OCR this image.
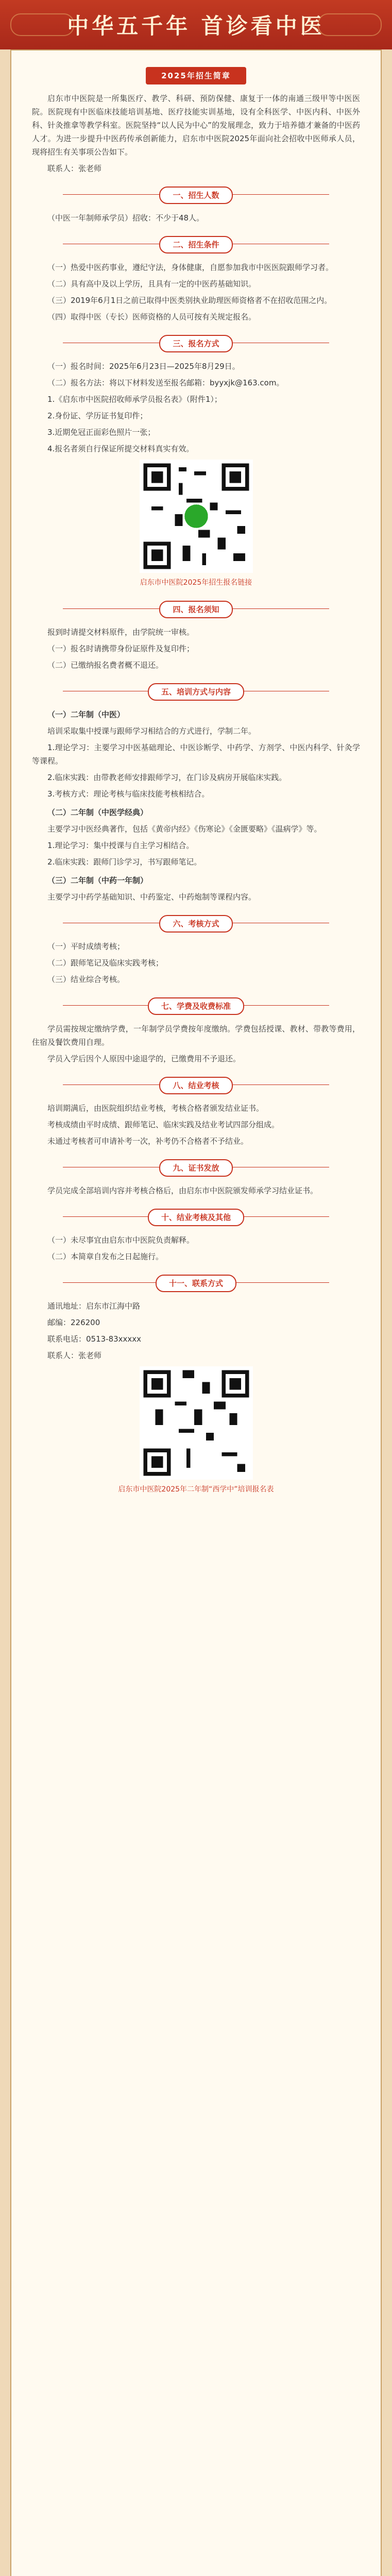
中华五千年 首诊看中医
2025年招生简章

启东市中医院是一所集医疗、教学、科研、预防保健、康复于一体的南通三级甲等中医医院。医院现有中医临床技能培训基地、医疗技能实训基地，设有全科医学、中医内科、中医外科、针灸推拿等教学科室。医院坚持“以人民为中心”的发展理念，致力于培养德才兼备的中医药人才。为进一步提升中医药传承创新能力，启东市中医院2025年面向社会招收中医师承人员，现将招生有关事项公告如下。

联系人：张老师

一、招生人数

（中医一年制师承学员）招收：不少于48人。

二、招生条件

（一）热爱中医药事业，遵纪守法，身体健康，自愿参加我市中医医院跟师学习者。

（二）具有高中及以上学历，且具有一定的中医药基础知识。

（三）2019年6月1日之前已取得中医类别执业助理医师资格者不在招收范围之内。

（四）取得中医（专长）医师资格的人员可按有关规定报名。

三、报名方式

（一）报名时间：2025年6月23日—2025年8月29日。

（二）报名方法：将以下材料发送至报名邮箱：byyxjk@163.com。

1.《启东市中医院招收师承学员报名表》（附件1）；

2.身份证、学历证书复印件；

3.近期免冠正面彩色照片一张；

4.报名者须自行保证所提交材料真实有效。

启东市中医院2025年招生报名链接

四、报名须知

报到时请提交材料原件，由学院统一审核。

（一）报名时请携带身份证原件及复印件；

（二）已缴纳报名费者概不退还。

五、培训方式与内容

（一）二年制（中医）

培训采取集中授课与跟师学习相结合的方式进行，学制二年。

1.理论学习：主要学习中医基础理论、中医诊断学、中药学、方剂学、中医内科学、针灸学等课程。

2.临床实践：由带教老师安排跟师学习，在门诊及病房开展临床实践。

3.考核方式：理论考核与临床技能考核相结合。

（二）二年制（中医学经典）

主要学习中医经典著作，包括《黄帝内经》《伤寒论》《金匮要略》《温病学》等。

1.理论学习：集中授课与自主学习相结合。

2.临床实践：跟师门诊学习，书写跟师笔记。

（三）二年制（中药一年制）

主要学习中药学基础知识、中药鉴定、中药炮制等课程内容。

六、考核方式

（一）平时成绩考核；

（二）跟师笔记及临床实践考核；

（三）结业综合考核。

七、学费及收费标准

学员需按规定缴纳学费，一年制学员学费按年度缴纳。学费包括授课、教材、带教等费用，住宿及餐饮费用自理。

学员入学后因个人原因中途退学的，已缴费用不予退还。

八、结业考核

培训期满后，由医院组织结业考核，考核合格者颁发结业证书。

考核成绩由平时成绩、跟师笔记、临床实践及结业考试四部分组成。

未通过考核者可申请补考一次，补考仍不合格者不予结业。

九、证书发放

学员完成全部培训内容并考核合格后，由启东市中医院颁发师承学习结业证书。

十、结业考核及其他

（一）未尽事宜由启东市中医院负责解释。

（二）本简章自发布之日起施行。

十一、联系方式

通讯地址：启东市江海中路

邮编：226200

联系电话：0513-83xxxxx

联系人：张老师

启东市中医院2025年二年制“西学中”培训报名表
